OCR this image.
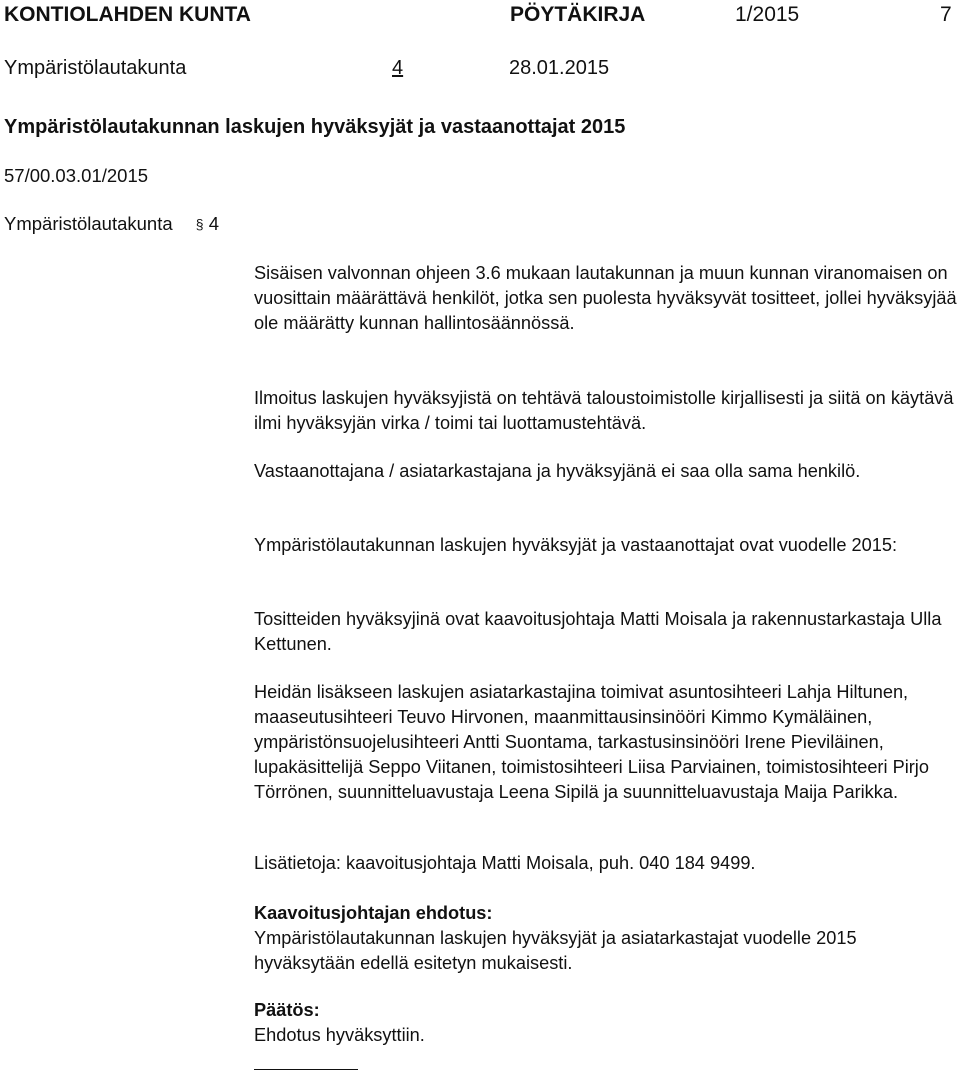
KONTIOLAHDEN KUNTA	PÖYTÄKIRJA	1/2015	7
Ympäristölautakunta	4	28.01.2015
Ympäristölautakunnan laskujen hyväksyjät ja vastaanottajat 2015
57/00.03.01/2015
Ympäristölautakunta § 4

Sisäisen valvonnan ohjeen 3.6 mukaan lautakunnan ja muun kunnan viranomaisen on vuosittain määrättävä henkilöt, jotka sen puolesta hyväksyvät tositteet, jollei hyväksyjää ole määrätty kunnan hallintosäännössä.

Ilmoitus laskujen hyväksyjistä on tehtävä taloustoimistolle kirjallisesti ja siitä on käytävä ilmi hyväksyjän virka / toimi tai luottamustehtävä.

Vastaanottajana / asiatarkastajana ja hyväksyjänä ei saa olla sama henkilö.

Ympäristölautakunnan laskujen hyväksyjät ja vastaanottajat ovat vuodelle 2015:

Tositteiden hyväksyjinä ovat kaavoitusjohtaja Matti Moisala ja rakennustarkastaja Ulla Kettunen.

Heidän lisäkseen laskujen asiatarkastajina toimivat asuntosihteeri Lahja Hiltunen, maaseutusihteeri Teuvo Hirvonen, maanmittausinsinööri Kimmo Kymäläinen, ympäristönsuojelusihteeri Antti Suontama, tarkastusinsinööri Irene Pieviläinen, lupakäsittelijä Seppo Viitanen, toimistosihteeri Liisa Parviainen, toimistosihteeri Pirjo Törrönen, suunnitteluavustaja Leena Sipilä ja suunnitteluavustaja Maija Parikka.

Lisätietoja: kaavoitusjohtaja Matti Moisala, puh. 040 184 9499.

Kaavoitusjohtajan ehdotus:

Ympäristölautakunnan laskujen hyväksyjät ja asiatarkastajat vuodelle 2015 hyväksytään edellä esitetyn mukaisesti.

Päätös:

Ehdotus hyväksyttiin.
